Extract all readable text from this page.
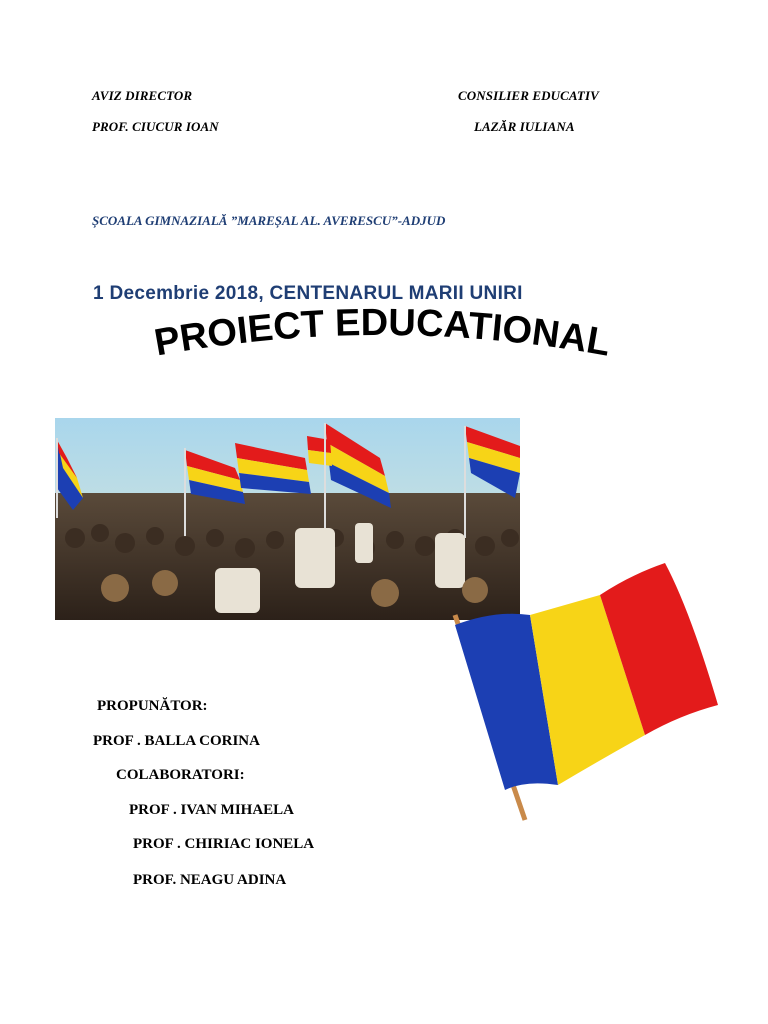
AVIZ DIRECTOR
PROF. CIUCUR IOAN
CONSILIER EDUCATIV
LAZĂR IULIANA
ȘCOALA GIMNAZIALĂ ”MAREȘAL AL. AVERESCU”-ADJUD
1 Decembrie 2018, CENTENARUL MARII UNIRI
PROIECT EDUCATIONAL
PROPUNĂTOR:
PROF . BALLA CORINA
COLABORATORI:
PROF . IVAN MIHAELA
PROF . CHIRIAC IONELA
PROF. NEAGU ADINA
